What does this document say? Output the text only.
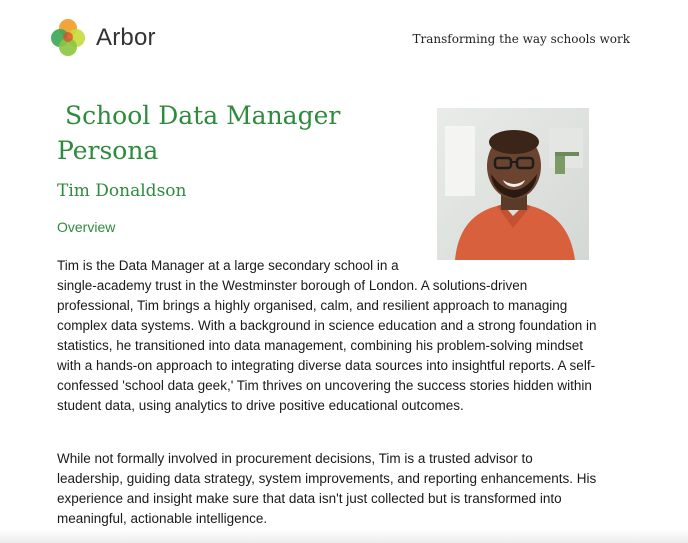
Arbor	Transforming the way schools work
School Data Manager Persona
Tim Donaldson
Overview

Tim is the Data Manager at a large secondary school in a
single-academy trust in the Westminster borough of London. A solutions-driven professional, Tim brings a highly organised, calm, and resilient approach to managing complex data systems. With a background in science education and a strong foundation in statistics, he transitioned into data management, combining his problem-solving mindset with a hands-on approach to integrating diverse data sources into insightful reports. A self-confessed 'school data geek,' Tim thrives on uncovering the success stories hidden within student data, using analytics to drive positive educational outcomes.

While not formally involved in procurement decisions, Tim is a trusted advisor to leadership, guiding data strategy, system improvements, and reporting enhancements. His experience and insight make sure that data isn't just collected but is transformed into meaningful, actionable intelligence.
